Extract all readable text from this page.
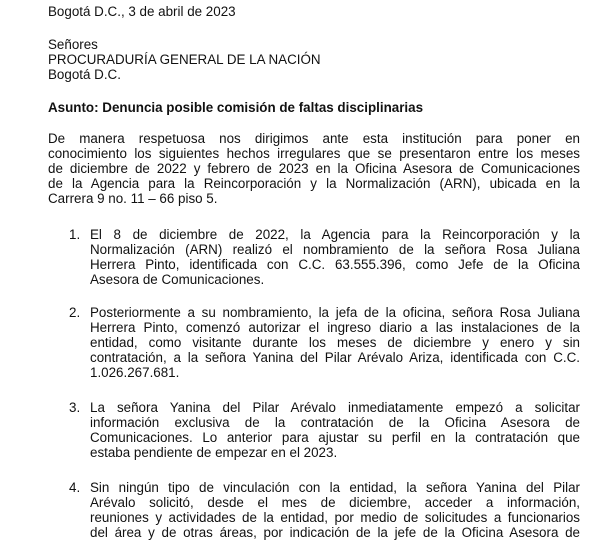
Bogotá D.C., 3 de abril de 2023
Señores
PROCURADURÍA GENERAL DE LA NACIÓN
Bogotá D.C.
Asunto: Denuncia posible comisión de faltas disciplinarias
De manera respetuosa nos dirigimos ante esta institución para poner en
conocimiento los siguientes hechos irregulares que se presentaron entre los meses
de diciembre de 2022 y febrero de 2023 en la Oficina Asesora de Comunicaciones
de la Agencia para la Reincorporación y la Normalización (ARN), ubicada en la
Carrera 9 no. 11 – 66 piso 5.
1. El 8 de diciembre de 2022, la Agencia para la Reincorporación y la
Normalización (ARN) realizó el nombramiento de la señora Rosa Juliana
Herrera Pinto, identificada con C.C. 63.555.396, como Jefe de la Oficina
Asesora de Comunicaciones.
2. Posteriormente a su nombramiento, la jefa de la oficina, señora Rosa Juliana
Herrera Pinto, comenzó autorizar el ingreso diario a las instalaciones de la
entidad, como visitante durante los meses de diciembre y enero y sin
contratación, a la señora Yanina del Pilar Arévalo Ariza, identificada con C.C.
1.026.267.681.
3. La señora Yanina del Pilar Arévalo inmediatamente empezó a solicitar
información exclusiva de la contratación de la Oficina Asesora de
Comunicaciones. Lo anterior para ajustar su perfil en la contratación que
estaba pendiente de empezar en el 2023.
4. Sin ningún tipo de vinculación con la entidad, la señora Yanina del Pilar
Arévalo solicitó, desde el mes de diciembre, acceder a información,
reuniones y actividades de la entidad, por medio de solicitudes a funcionarios
del área y de otras áreas, por indicación de la jefe de la Oficina Asesora de
